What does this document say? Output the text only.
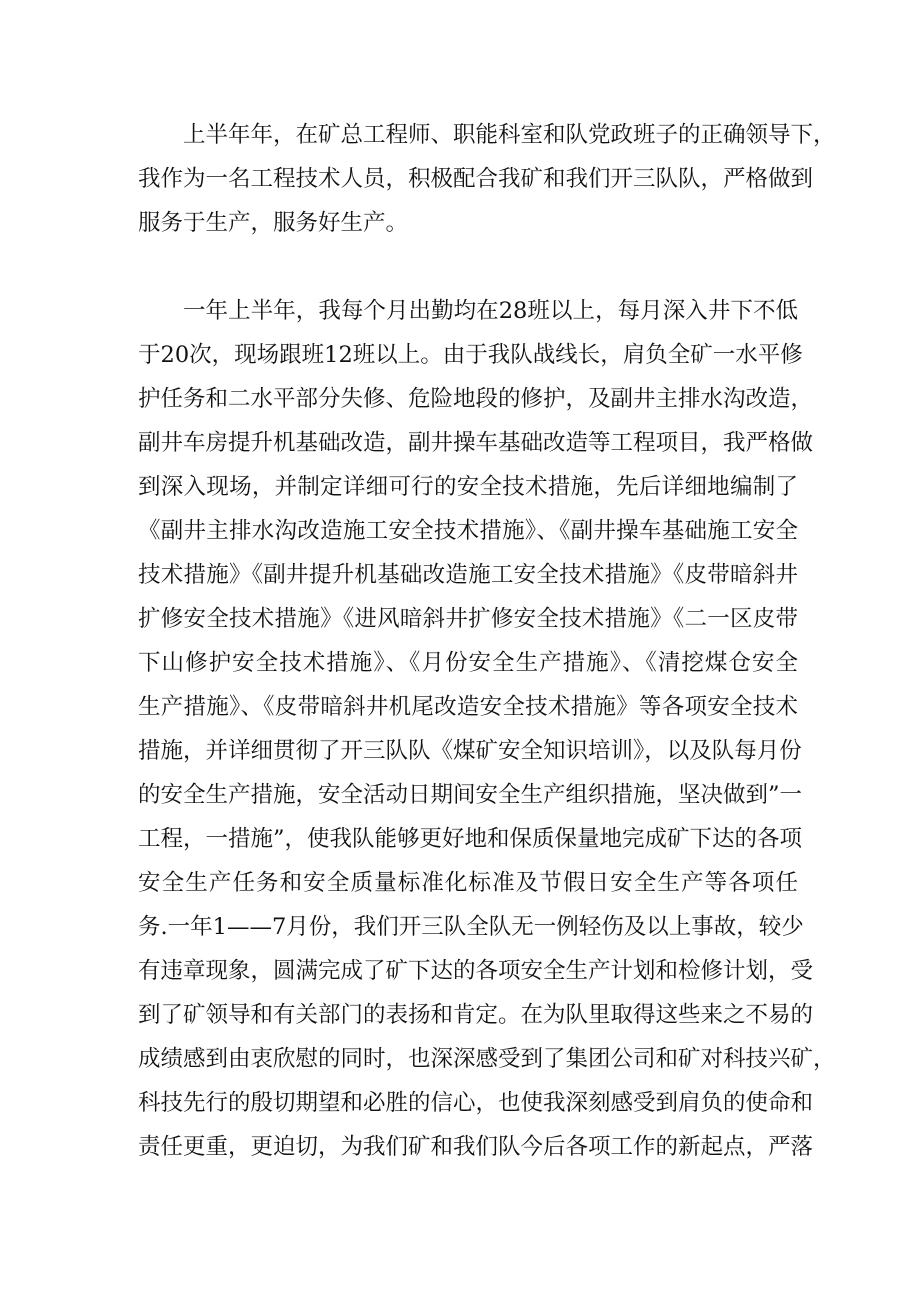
上半年年，在矿总工程师、职能科室和队党政班子的正确领导下，
我作为一名工程技术人员，积极配合我矿和我们开三队队，严格做到
服务于生产，服务好生产。
一年上半年，我每个月出勤均在28班以上，每月深入井下不低
于20次，现场跟班12班以上。由于我队战线长，肩负全矿一水平修
护任务和二水平部分失修、危险地段的修护，及副井主排水沟改造，
副井车房提升机基础改造，副井操车基础改造等工程项目，我严格做
到深入现场，并制定详细可行的安全技术措施，先后详细地编制了
《副井主排水沟改造施工安全技术措施》、《副井操车基础施工安全
技术措施》《副井提升机基础改造施工安全技术措施》《皮带暗斜井
扩修安全技术措施》《进风暗斜井扩修安全技术措施》《二一区皮带
下山修护安全技术措施》、《月份安全生产措施》、《清挖煤仓安全
生产措施》、《皮带暗斜井机尾改造安全技术措施》等各项安全技术
措施，并详细贯彻了开三队队《煤矿安全知识培训》，以及队每月份
的安全生产措施，安全活动日期间安全生产组织措施，坚决做到”一
工程，一措施”，使我队能够更好地和保质保量地完成矿下达的各项
安全生产任务和安全质量标准化标准及节假日安全生产等各项任
务.一年1——7月份，我们开三队全队无一例轻伤及以上事故，较少
有违章现象，圆满完成了矿下达的各项安全生产计划和检修计划，受
到了矿领导和有关部门的表扬和肯定。在为队里取得这些来之不易的
成绩感到由衷欣慰的同时，也深深感受到了集团公司和矿对科技兴矿，
科技先行的殷切期望和必胜的信心，也使我深刻感受到肩负的使命和
责任更重，更迫切，为我们矿和我们队今后各项工作的新起点，严落
